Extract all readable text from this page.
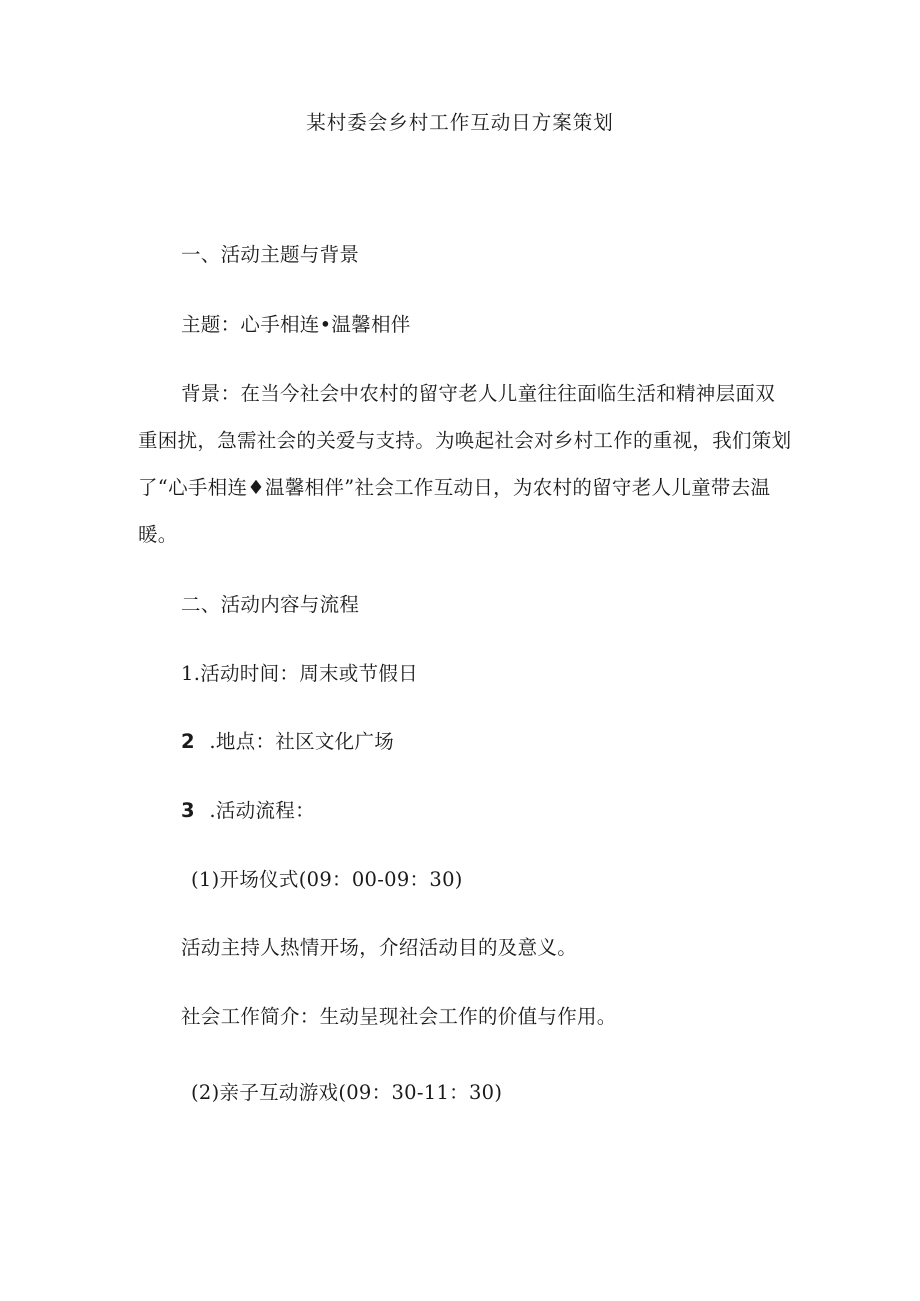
某村委会乡村工作互动日方案策划
一、活动主题与背景
主题：心手相连•温馨相伴
背景：在当今社会中农村的留守老人儿童往往面临生活和精神层面双
重困扰，急需社会的关爱与支持。为唤起社会对乡村工作的重视，我们策划
了“心手相连♦温馨相伴”社会工作互动日，为农村的留守老人儿童带去温
暖。
二、活动内容与流程
1.活动时间：周末或节假日
2 .地点：社区文化广场
3 .活动流程：
(1)开场仪式(09：00-09：30)
活动主持人热情开场，介绍活动目的及意义。
社会工作简介：生动呈现社会工作的价值与作用。
(2)亲子互动游戏(09：30-11：30)
